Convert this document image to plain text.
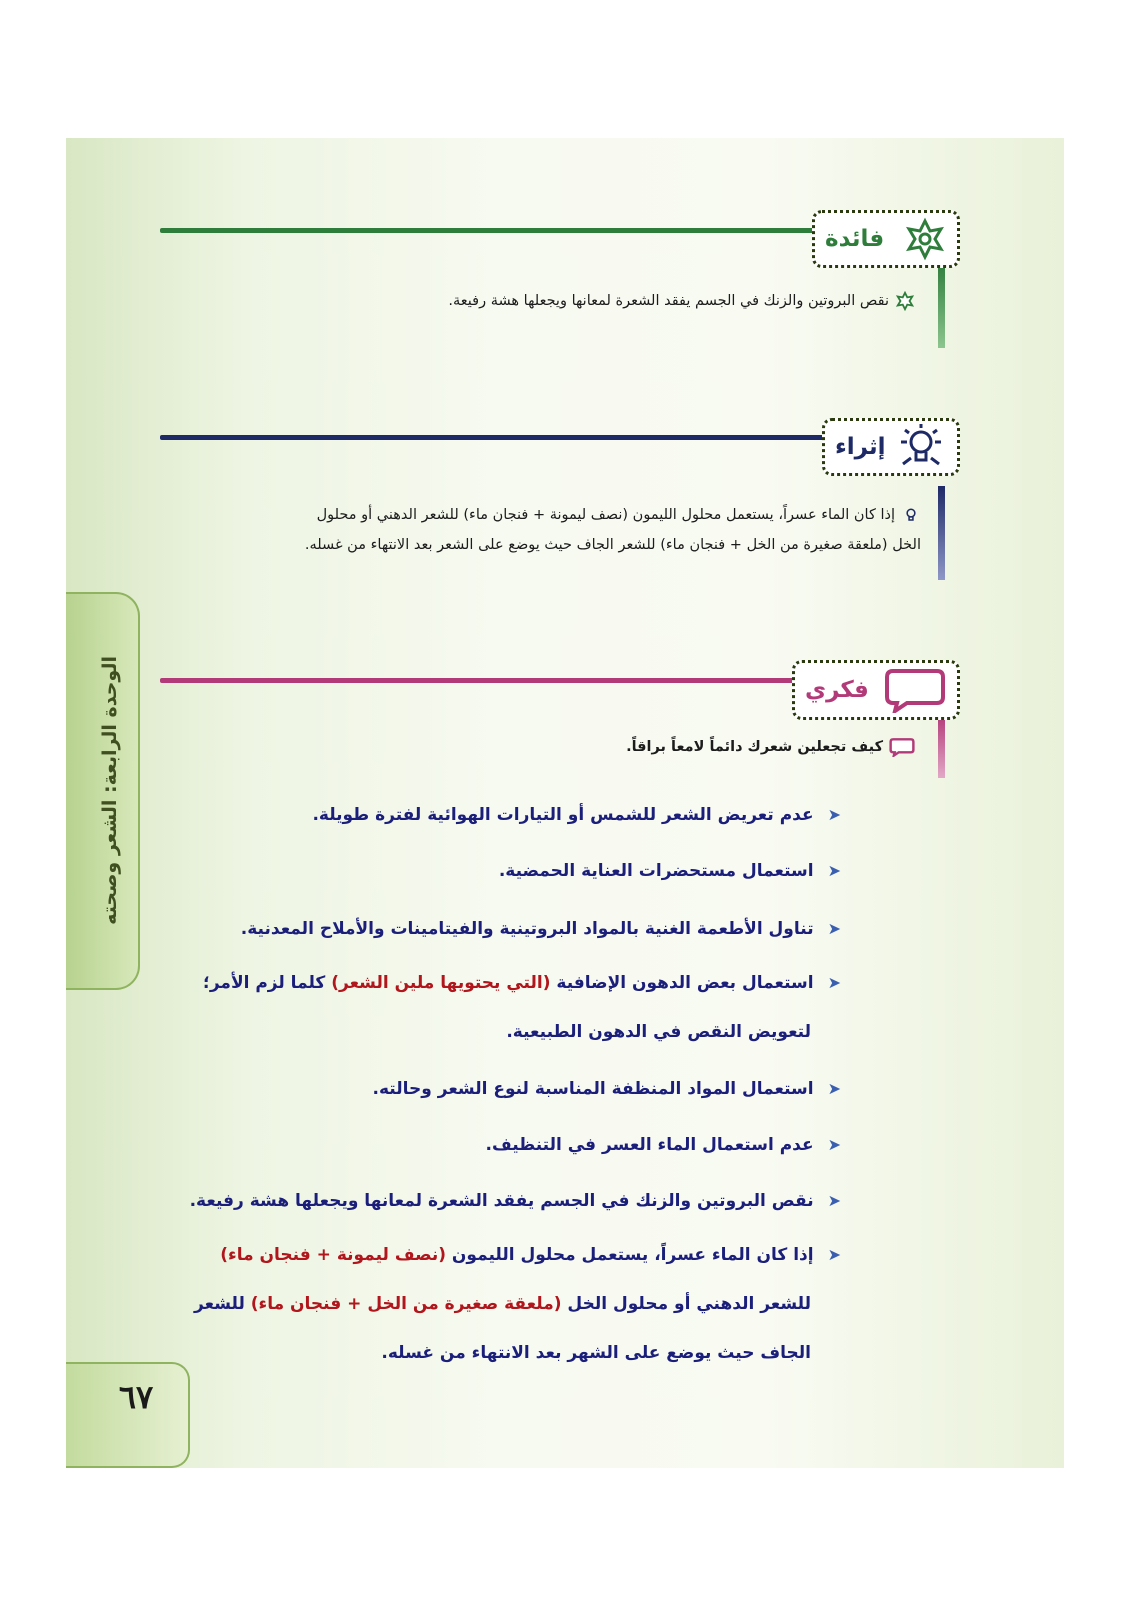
الوحدة الرابعة: الشعر وصحته
٦٧
فائدة
نقص البروتين والزنك في الجسم يفقد الشعرة لمعانها ويجعلها هشة رفيعة.
إثراء
إذا كان الماء عسراً، يستعمل محلول الليمون (نصف ليمونة + فنجان ماء) للشعر الدهني أو محلول
الخل (ملعقة صغيرة من الخل + فنجان ماء) للشعر الجاف حيث يوضع على الشعر بعد الانتهاء من غسله.
فكري
كيف تجعلين شعرك دائماً لامعاً براقاً.
➤عدم تعريض الشعر للشمس أو التيارات الهوائية لفترة طويلة.
➤استعمال مستحضرات العناية الحمضية.
➤تناول الأطعمة الغنية بالمواد البروتينية والفيتامينات والأملاح المعدنية.
➤استعمال بعض الدهون الإضافية (التي يحتويها ملين الشعر) كلما لزم الأمر؛
لتعويض النقص في الدهون الطبيعية.
➤استعمال المواد المنظفة المناسبة لنوع الشعر وحالته.
➤عدم استعمال الماء العسر في التنظيف.
➤نقص البروتين والزنك في الجسم يفقد الشعرة لمعانها ويجعلها هشة رفيعة.
➤إذا كان الماء عسراً، يستعمل محلول الليمون (نصف ليمونة + فنجان ماء)
للشعر الدهني أو محلول الخل (ملعقة صغيرة من الخل + فنجان ماء) للشعر
الجاف حيث يوضع على الشهر بعد الانتهاء من غسله.
